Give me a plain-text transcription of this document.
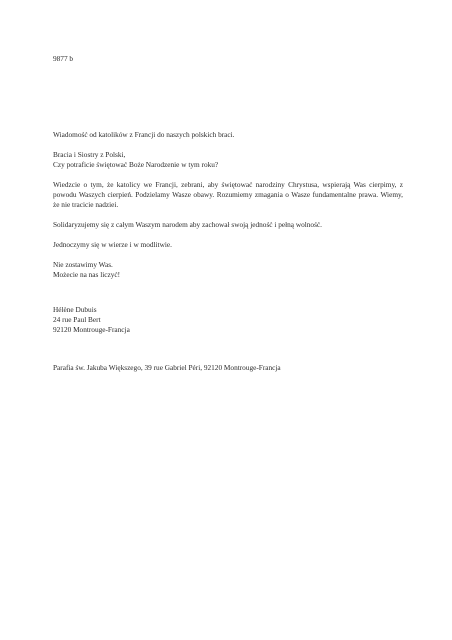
9877 b

Wiadomość od katolików z Francji do naszych polskich braci.

Bracia i Siostry z Polski,
Czy potraficie świętować Boże Narodzenie w tym roku?

Wiedzcie o tym, że katolicy we Francji, zebrani, aby świętować narodziny Chrystusa, wspierają Was cierpimy, z powodu Waszych cierpień. Podzielamy Wasze obawy. Rozumiemy zmagania o Wasze fundamentalne prawa. Wiemy, że nie tracicie nadziei.

Solidaryzujemy się z całym Waszym narodem aby zachował swoją jedność i pełną wolność.

Jednoczymy się w wierze i w modlitwie.

Nie zostawimy Was.
Możecie na nas liczyć!

Hélène Dubuis
24 rue Paul Bert
92120 Montrouge-Francja
Parafia św. Jakuba Większego, 39 rue Gabriel Péri, 92120 Montrouge-Francja
